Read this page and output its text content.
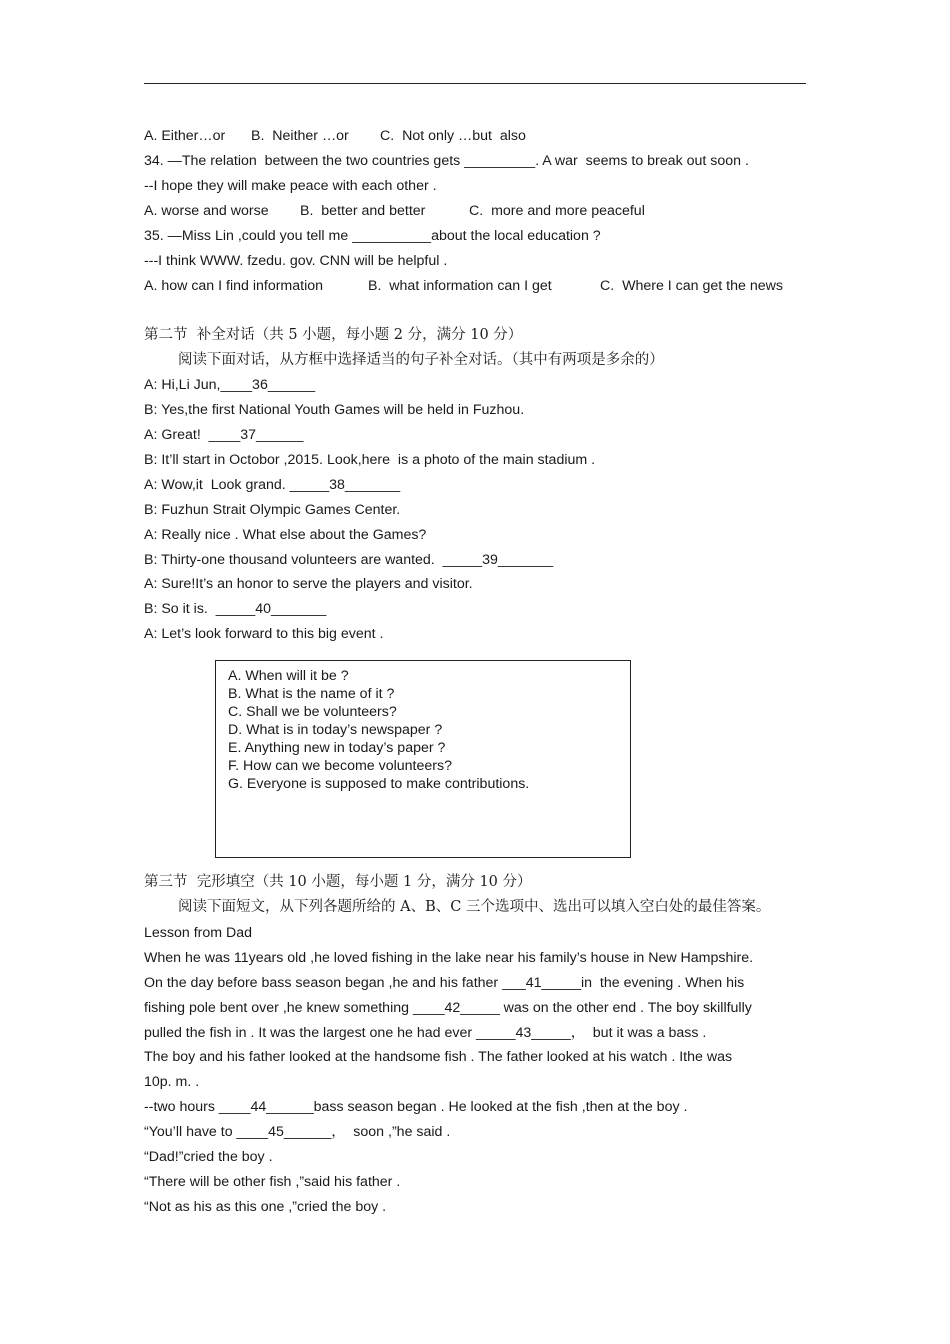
A. Either…or	B.  Neither …or	C.  Not only …but  also
34. —The relation  between the two countries gets _________. A war  seems to break out soon .
--I hope they will make peace with each other .
A. worse and worse	B.  better and better	C.  more and more peaceful
35. —Miss Lin ,could you tell me __________about the local education ?
---I think WWW. fzedu. gov. CNN will be helpful .
A. how can I find information	B.  what information can I get	C.  Where I can get the news
第二节  补全对话（共 5 小题，每小题 2 分，满分 10 分）
阅读下面对话，从方框中选择适当的句子补全对话。（其中有两项是多余的）
A: Hi,Li Jun,____36______
B: Yes,the first National Youth Games will be held in Fuzhou.
A: Great!  ____37______
B: It’ll start in Octobor ,2015. Look,here  is a photo of the main stadium .
A: Wow,it  Look grand. _____38_______
B: Fuzhun Strait Olympic Games Center.
A: Really nice . What else about the Games?
B: Thirty-one thousand volunteers are wanted.  _____39_______
A: Sure!It’s an honor to serve the players and visitor.
B: So it is.  _____40_______
A: Let’s look forward to this big event .
A. When will it be ?
B. What is the name of it ?
C. Shall we be volunteers?
D. What is in today’s newspaper ?
E. Anything new in today’s paper ?
F. How can we become volunteers?
G. Everyone is supposed to make contributions.
第三节  完形填空（共 10 小题，每小题 1 分，满分 10 分）
阅读下面短文，从下列各题所给的 A、B、C 三个选项中、选出可以填入空白处的最佳答案。
Lesson from Dad
When he was 11years old ,he loved fishing in the lake near his family’s house in New Hampshire.
On the day before bass season began ,he and his father ___41_____in  the evening . When his
fishing pole bent over ,he knew something ____42_____ was on the other end . The boy skillfully
pulled the fish in . It was the largest one he had ever _____43_____，  but it was a bass .
The boy and his father looked at the handsome fish . The father looked at his watch . Ithe was
10p. m. .
--two hours ____44______bass season began . He looked at the fish ,then at the boy .
“You’ll have to ____45______，  soon ,”he said .
“Dad!”cried the boy .
“There will be other fish ,”said his father .
“Not as his as this one ,”cried the boy .
